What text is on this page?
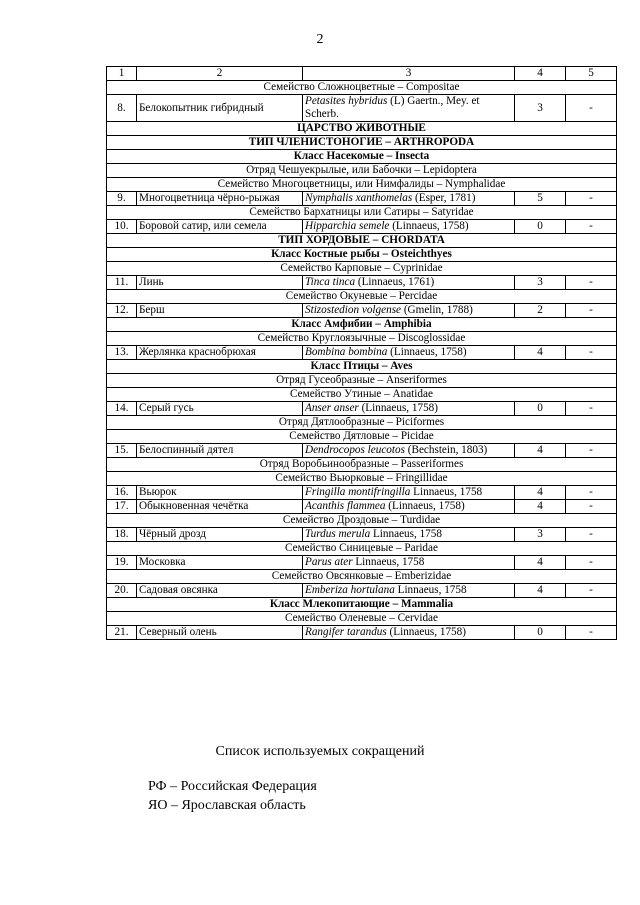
2
1	2	3	4	5
Семейство Сложноцветные – Compositae				
8.	Белокопытник гибридный	Petasites hybridus (L) Gaertn., Mey. et Scherb.	3	-
ЦАРСТВО ЖИВОТНЫЕ				
ТИП ЧЛЕНИСТОНОГИЕ – ARTHROPODA				
Класс Насекомые – Insecta				
Отряд Чешуекрылые, или Бабочки – Lepidoptera				
Семейство Многоцветницы, или Нимфалиды – Nymphalidae				
9.	Многоцветница чёрно-рыжая	Nymphalis xanthomelas (Esper, 1781)	5	-
Семейство Бархатницы или Сатиры – Satyridae				
10.	Боровой сатир, или семела	Hipparchia semele (Linnaeus, 1758)	0	-
ТИП ХОРДОВЫЕ – CHORDATA				
Класс Костные рыбы – Osteichthyes				
Семейство Карповые – Cyprinidae				
11.	Линь	Tinca tinca (Linnaeus, 1761)	3	-
Семейство Окуневые – Percidae				
12.	Берш	Stizostedion volgense (Gmelin, 1788)	2	-
Класс Амфибии – Amphibia				
Семейство Круглоязычные – Discoglossidae				
13.	Жерлянка краснобрюхая	Bombina bombina (Linnaeus, 1758)	4	-
Класс Птицы – Aves				
Отряд Гусеобразные – Anseriformes				
Семейство Утиные – Anatidae				
14.	Серый гусь	Anser anser (Linnaeus, 1758)	0	-
Отряд Дятлообразные – Piciformes				
Семейство Дятловые – Picidae				
15.	Белоспинный дятел	Dendrocopos leucotos (Bechstein, 1803)	4	-
Отряд Воробьинообразные – Passeriformes				
Семейство Вьюрковые – Fringillidae				
16.	Вьюрок	Fringilla montifringilla Linnaeus, 1758	4	-
17.	Обыкновенная чечётка	Acanthis flammea (Linnaeus, 1758)	4	-
Семейство Дроздовые – Turdidae				
18.	Чёрный дрозд	Turdus merula Linnaeus, 1758	3	-
Семейство Синицевые – Paridae				
19.	Московка	Parus ater Linnaeus, 1758	4	-
Семейство Овсянковые – Emberizidae				
20.	Садовая овсянка	Emberiza hortulana Linnaeus, 1758	4	-
Класс Млекопитающие – Mammalia				
Семейство Оленевые – Cervidae				
21.	Северный олень	Rangifer tarandus (Linnaeus, 1758)	0	-
Список используемых сокращений
РФ – Российская Федерация
ЯО – Ярославская область
